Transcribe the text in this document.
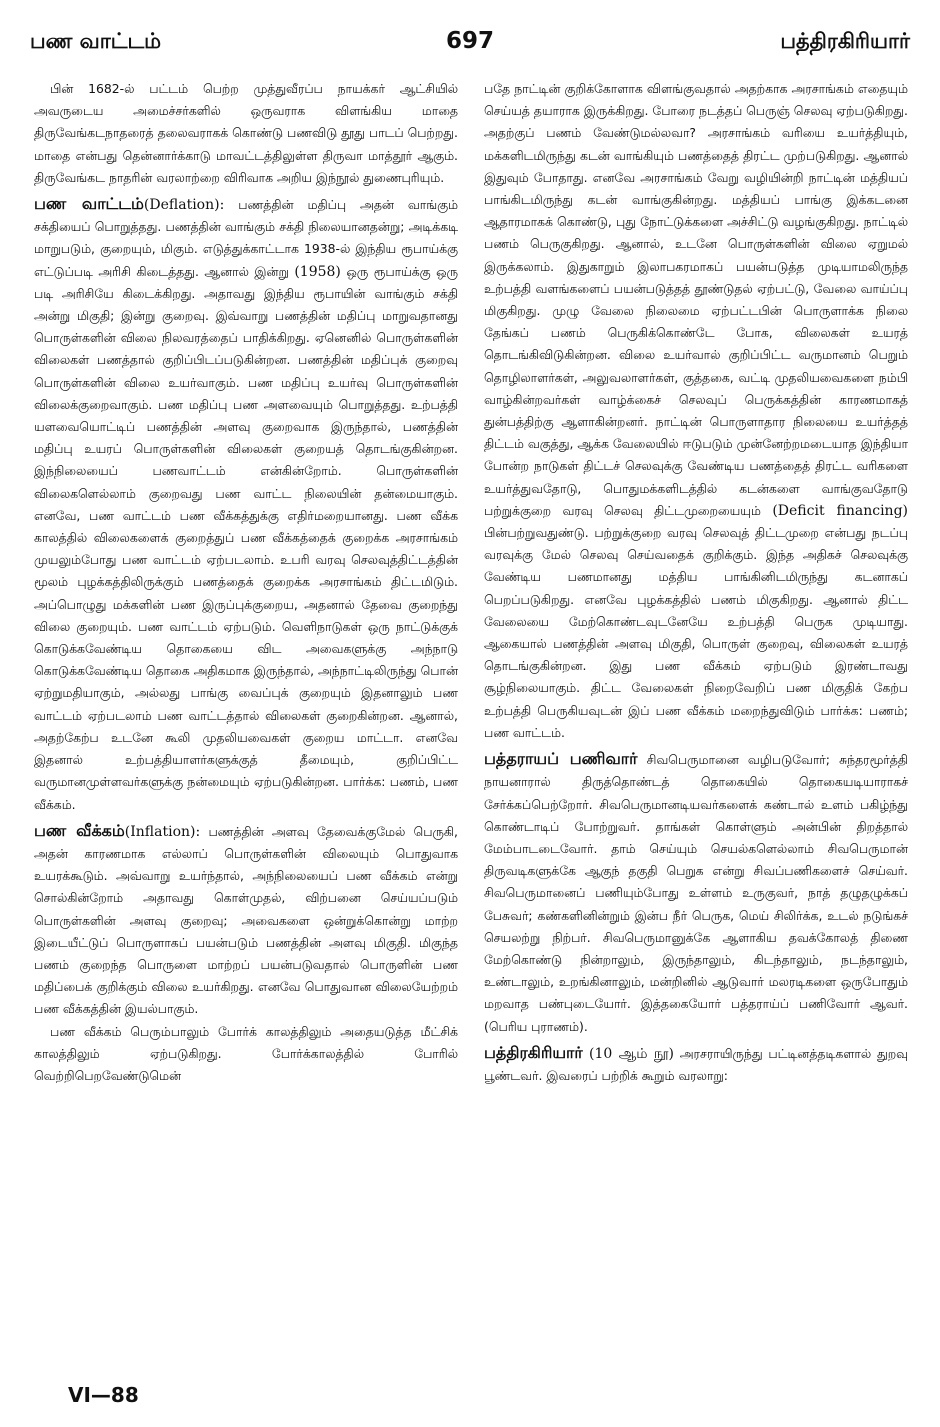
பண வாட்டம்	697	பத்திரகிரியார்

பின் 1682-ல் பட்டம் பெற்ற முத்துவீரப்ப நாயக்கர் ஆட்சியில் அவருடைய அமைச்சர்களில் ஒருவராக விளங்கிய மாதை திருவேங்கடநாதரைத் தலைவராகக் கொண்டு பணவிடு தூது பாடப் பெற்றது. மாதை என்பது தென்னார்க்காடு மாவட்டத்திலுள்ள திருவா மாத்தூர் ஆகும். திருவேங்கட நாதரின் வரலாற்றை விரிவாக அறிய இந்நூல் துணைபுரியும்.

பண வாட்டம்(Deflation): பணத்தின் மதிப்பு அதன் வாங்கும் சக்தியைப் பொறுத்தது. பணத்தின் வாங்கும் சக்தி நிலையானதன்று; அடிக்கடி மாறுபடும், குறையும், மிகும். எடுத்துக்காட்டாக 1938-ல் இந்திய ரூபாய்க்கு எட்டுப்படி அரிசி கிடைத்தது. ஆனால் இன்று (1958) ஒரு ரூபாய்க்கு ஒரு படி அரிசியே கிடைக்கிறது. அதாவது இந்திய ரூபாயின் வாங்கும் சக்தி அன்று மிகுதி; இன்று குறைவு. இவ்வாறு பணத்தின் மதிப்பு மாறுவதானது பொருள்களின் விலை நிலவரத்தைப் பாதிக்கிறது. ஏனெனில் பொருள்களின் விலைகள் பணத்தால் குறிப்பிடப்படுகின்றன. பணத்தின் மதிப்புக் குறைவு பொருள்களின் விலை உயர்வாகும். பண மதிப்பு உயர்வு பொருள்களின் விலைக்குறைவாகும். பண மதிப்பு பண அளவையும் பொறுத்தது. உற்பத்தி யளவையொட்டிப் பணத்தின் அளவு குறைவாக இருந்தால், பணத்தின் மதிப்பு உயரப் பொருள்களின் விலைகள் குறையத் தொடங்குகின்றன. இந்நிலையைப் பணவாட்டம் என்கின்றோம். பொருள்களின் விலைகளெல்லாம் குறைவது பண வாட்ட நிலையின் தன்மையாகும். எனவே, பண வாட்டம் பண வீக்கத்துக்கு எதிர்மறையானது. பண வீக்க காலத்தில் விலைகளைக் குறைத்துப் பண வீக்கத்தைக் குறைக்க அரசாங்கம் முயலும்போது பண வாட்டம் ஏற்படலாம். உபரி வரவு செலவுத்திட்டத்தின் மூலம் புழக்கத்திலிருக்கும் பணத்தைக் குறைக்க அரசாங்கம் திட்டமிடும். அப்பொழுது மக்களின் பண இருப்புக்குறைய, அதனால் தேவை குறைந்து விலை குறையும். பண வாட்டம் ஏற்படும். வெளிநாடுகள் ஒரு நாட்டுக்குக் கொடுக்கவேண்டிய தொகையை விட அவைகளுக்கு அந்நாடு கொடுக்கவேண்டிய தொகை அதிகமாக இருந்தால், அந்நாட்டிலிருந்து பொன் ஏற்றுமதியாகும், அல்லது பாங்கு வைப்புக் குறையும் இதனாலும் பண வாட்டம் ஏற்படலாம் பண வாட்டத்தால் விலைகள் குறைகின்றன. ஆனால், அதற்கேற்ப உடனே கூலி முதலியவைகள் குறைய மாட்டா. எனவே இதனால் உற்பத்தியாளர்களுக்குத் தீமையும், குறிப்பிட்ட வருமானமுள்ளவர்களுக்கு நன்மையும் ஏற்படுகின்றன. பார்க்க: பணம், பண வீக்கம்.

பண வீக்கம்(Inflation): பணத்தின் அளவு தேவைக்குமேல் பெருகி, அதன் காரணமாக எல்லாப் பொருள்களின் விலையும் பொதுவாக உயரக்கூடும். அவ்வாறு உயர்ந்தால், அந்நிலையைப் பண வீக்கம் என்று சொல்கின்றோம் அதாவது கொள்முதல், விற்பனை செய்யப்படும் பொருள்களின் அளவு குறைவு; அவைகளை ஒன்றுக்கொன்று மாற்ற இடையீட்டுப் பொருளாகப் பயன்படும் பணத்தின் அளவு மிகுதி. மிகுந்த பணம் குறைந்த பொருளை மாற்றப் பயன்படுவதால் பொருளின் பண மதிப்பைக் குறிக்கும் விலை உயர்கிறது. எனவே பொதுவான விலையேற்றம் பண வீக்கத்தின் இயல்பாகும்.

பண வீக்கம் பெரும்பாலும் போர்க் காலத்திலும் அதையடுத்த மீட்சிக் காலத்திலும் ஏற்படுகிறது. போர்க்காலத்தில் போரில் வெற்றிபெறவேண்டுமென்

பதே நாட்டின் குறிக்கோளாக விளங்குவதால் அதற்காக அரசாங்கம் எதையும் செய்யத் தயாராக இருக்கிறது. போரை நடத்தப் பெருஞ் செலவு ஏற்படுகிறது. அதற்குப் பணம் வேண்டுமல்லவா? அரசாங்கம் வரியை உயர்த்தியும், மக்களிடமிருந்து கடன் வாங்கியும் பணத்தைத் திரட்ட முற்படுகிறது. ஆனால் இதுவும் போதாது. எனவே அரசாங்கம் வேறு வழியின்றி நாட்டின் மத்தியப் பாங்கிடமிருந்து கடன் வாங்குகின்றது. மத்தியப் பாங்கு இக்கடனை ஆதாரமாகக் கொண்டு, புது நோட்டுக்களை அச்சிட்டு வழங்குகிறது. நாட்டில் பணம் பெருகுகிறது. ஆனால், உடனே பொருள்களின் விலை ஏறுமல் இருக்கலாம். இதுகாறும் இலாபகரமாகப் பயன்படுத்த முடியாமலிருந்த உற்பத்தி வளங்களைப் பயன்படுத்தத் தூண்டுதல் ஏற்பட்டு, வேலை வாய்ப்பு மிகுகிறது. முழு வேலை நிலைமை ஏற்பட்டபின் பொருளாக்க நிலை தேங்கப் பணம் பெருகிக்கொண்டே போக, விலைகள் உயரத் தொடங்கிவிடுகின்றன. விலை உயர்வால் குறிப்பிட்ட வருமானம் பெறும் தொழிலாளர்கள், அலுவலாளர்கள், குத்தகை, வட்டி முதலியவைகளை நம்பி வாழ்கின்றவர்கள் வாழ்க்கைச் செலவுப் பெருக்கத்தின் காரணமாகத் துன்பத்திற்கு ஆளாகின்றனர். நாட்டின் பொருளாதார நிலையை உயர்த்தத் திட்டம் வகுத்து, ஆக்க வேலையில் ஈடுபடும் முன்னேற்றமடையாத இந்தியா போன்ற நாடுகள் திட்டச் செலவுக்கு வேண்டிய பணத்தைத் திரட்ட வரிகளை உயர்த்துவதோடு, பொதுமக்களிடத்தில் கடன்களை வாங்குவதோடு பற்றுக்குறை வரவு செலவு திட்டமுறையையும் (Deficit financing) பின்பற்றுவதுண்டு. பற்றுக்குறை வரவு செலவுத் திட்டமுறை என்பது நடப்பு வரவுக்கு மேல் செலவு செய்வதைக் குறிக்கும். இந்த அதிகச் செலவுக்கு வேண்டிய பணமானது மத்திய பாங்கினிடமிருந்து கடனாகப் பெறப்படுகிறது. எனவே புழக்கத்தில் பணம் மிகுகிறது. ஆனால் திட்ட வேலையை மேற்கொண்டவுடனேயே உற்பத்தி பெருக முடியாது. ஆகையால் பணத்தின் அளவு மிகுதி, பொருள் குறைவு, விலைகள் உயரத் தொடங்குகின்றன. இது பண வீக்கம் ஏற்படும் இரண்டாவது சூழ்நிலையாகும். திட்ட வேலைகள் நிறைவேறிப் பண மிகுதிக் கேற்ப உற்பத்தி பெருகியவுடன் இப் பண வீக்கம் மறைந்துவிடும் பார்க்க: பணம்; பண வாட்டம்.

பத்தராயப் பணிவார் சிவபெருமானை வழிபடுவோர்; சுந்தரமூர்த்தி நாயனாரால் திருத்தொண்டத் தொகையில் தொகையடியாராகச் சேர்க்கப்பெற்றோர். சிவபெருமானடியவர்களைக் கண்டால் உளம் பகிழ்ந்து கொண்டாடிப் போற்றுவர். தாங்கள் கொள்ளும் அன்பின் திறத்தால் மேம்பாடடைவோர். தாம் செய்யும் செயல்களெல்லாம் சிவபெருமான் திருவடிகளுக்கே ஆகுந் தகுதி பெறுக என்று சிவப்பணிகளைச் செய்வர். சிவபெருமானைப் பணியும்போது உள்ளம் உருகுவர், நாத் தழுதழுக்கப் பேசுவர்; கண்களினின்றும் இன்ப நீர் பெருக, மெய் சிலிர்க்க, உடல் நடுங்கச் செயலற்று நிற்பர். சிவபெருமானுக்கே ஆளாகிய தவக்கோலத் திணை மேற்கொண்டு நின்றாலும், இருந்தாலும், கிடந்தாலும், நடந்தாலும், உண்டாலும், உறங்கினாலும், மன்றினில் ஆடுவார் மலரடிகளை ஒருபோதும் மறவாத பண்புடையோர். இத்தகையோர் பத்தராய்ப் பணிவோர் ஆவர். (பெரிய புராணம்).

பத்திரகிரியார் (10 ஆம் நூ) அரசராயிருந்து பட்டினத்தடிகளால் துறவு பூண்டவர். இவரைப் பற்றிக் கூறும் வரலாறு:

VI—88
